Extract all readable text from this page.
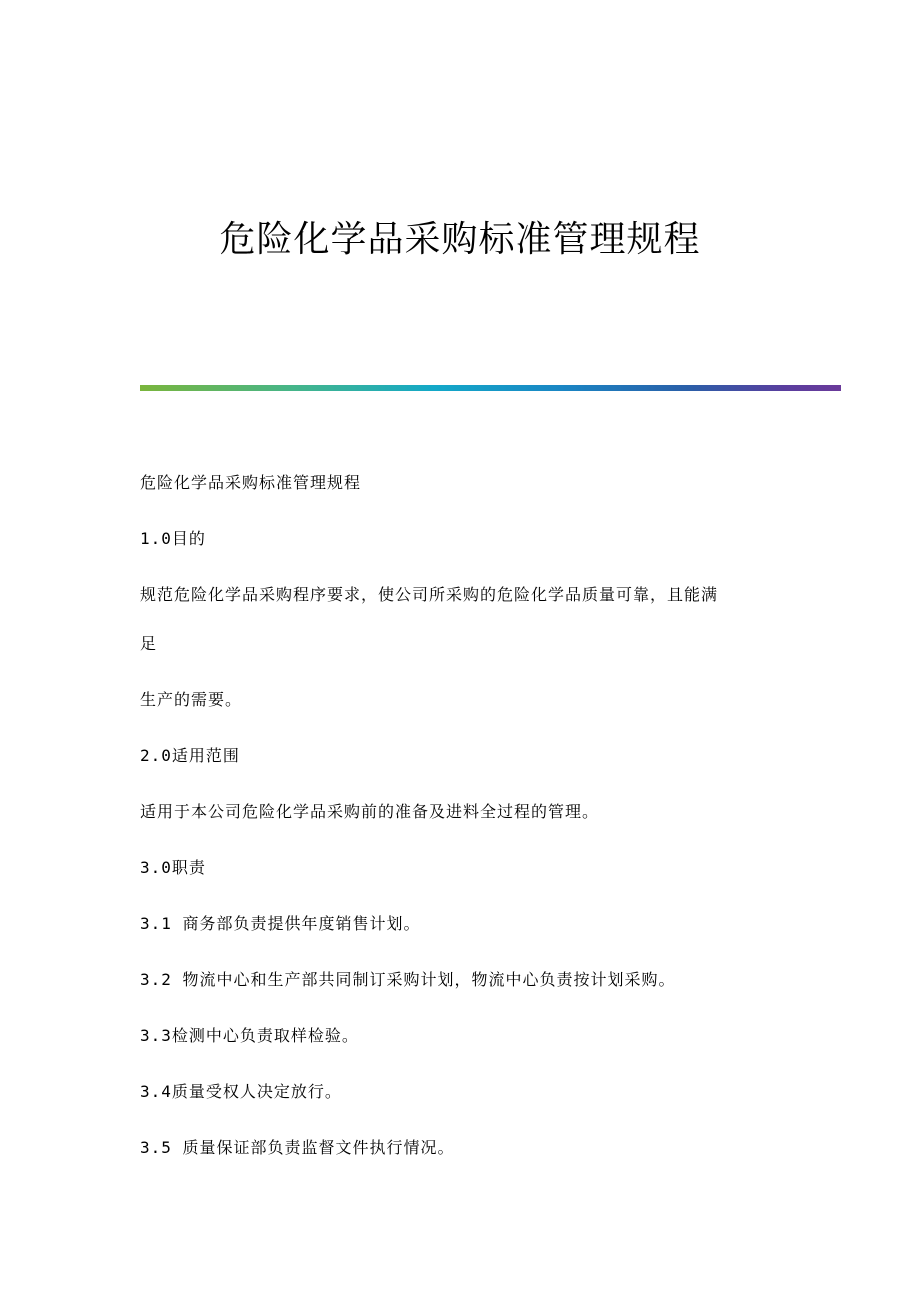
危险化学品采购标准管理规程
危险化学品采购标准管理规程
1.0目的
规范危险化学品采购程序要求，使公司所采购的危险化学品质量可靠，且能满
足
生产的需要。
2.0适用范围
适用于本公司危险化学品采购前的准备及进料全过程的管理。
3.0职责
3.1 商务部负责提供年度销售计划。
3.2 物流中心和生产部共同制订采购计划，物流中心负责按计划采购。
3.3检测中心负责取样检验。
3.4质量受权人决定放行。
3.5 质量保证部负责监督文件执行情况。
